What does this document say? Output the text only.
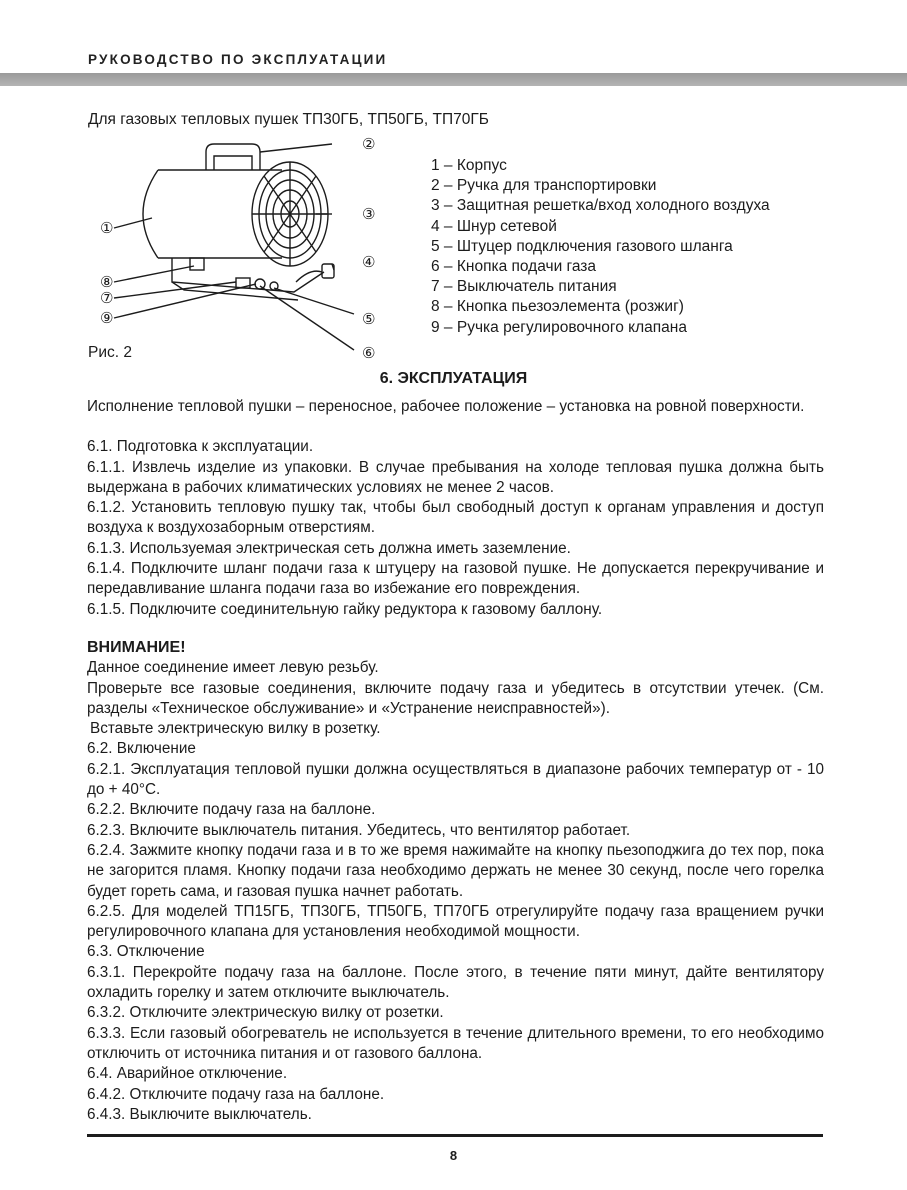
РУКОВОДСТВО ПО ЭКСПЛУАТАЦИИ
Для газовых тепловых пушек ТП30ГБ, ТП50ГБ, ТП70ГБ
①
②
③
④
⑤
⑥
⑦
⑧
⑨
Рис. 2
1 – Корпус
2 – Ручка для транспортировки
3 – Защитная решетка/вход холодного воздуха
4 – Шнур сетевой
5 – Штуцер подключения газового шланга
6 – Кнопка подачи газа
7 – Выключатель питания
8 – Кнопка пьезоэлемента (розжиг)
9 – Ручка регулировочного клапана
6. ЭКСПЛУАТАЦИЯ

Исполнение тепловой пушки – переносное, рабочее положение – установка на ровной поверхности.

6.1. Подготовка к эксплуатации.

6.1.1. Извлечь изделие из упаковки. В случае пребывания на холоде тепловая пушка должна быть выдержана в рабочих климатических условиях не менее 2 часов.

6.1.2. Установить тепловую пушку так, чтобы был свободный доступ к органам управления и доступ воздуха к воздухозаборным отверстиям.

6.1.3. Используемая электрическая сеть должна иметь заземление.

6.1.4. Подключите шланг подачи газа к штуцеру на газовой пушке. Не допускается перекручивание и передавливание шланга подачи газа во избежание его повреждения.

6.1.5. Подключите соединительную гайку редуктора к газовому баллону.

ВНИМАНИЕ!

Данное соединение имеет левую резьбу.

Проверьте все газовые соединения, включите подачу газа и убедитесь в отсутствии утечек. (См. разделы «Техническое обслуживание» и «Устранение неисправностей»).

Вставьте электрическую вилку в розетку.

6.2. Включение

6.2.1. Эксплуатация тепловой пушки должна осуществляться в диапазоне рабочих температур от - 10 до + 40°С.

6.2.2. Включите подачу газа на баллоне.

6.2.3. Включите выключатель питания. Убедитесь, что вентилятор работает.

6.2.4. Зажмите кнопку подачи газа и в то же время нажимайте на кнопку пьезоподжига до тех пор, пока не загорится пламя. Кнопку подачи газа необходимо держать не менее 30 секунд, после чего горелка будет гореть сама, и газовая пушка начнет работать.

6.2.5. Для моделей ТП15ГБ, ТП30ГБ, ТП50ГБ, ТП70ГБ отрегулируйте подачу газа вращением ручки регулировочного клапана для установления необходимой мощности.

6.3. Отключение

6.3.1. Перекройте подачу газа на баллоне. После этого, в течение пяти минут, дайте вентилятору охладить горелку и затем отключите выключатель.

6.3.2. Отключите электрическую вилку от розетки.

6.3.3. Если газовый обогреватель не используется в течение длительного времени, то его необходимо отключить от источника питания и от газового баллона.

6.4. Аварийное отключение.

6.4.2. Отключите подачу газа на баллоне.

6.4.3. Выключите выключатель.

8
